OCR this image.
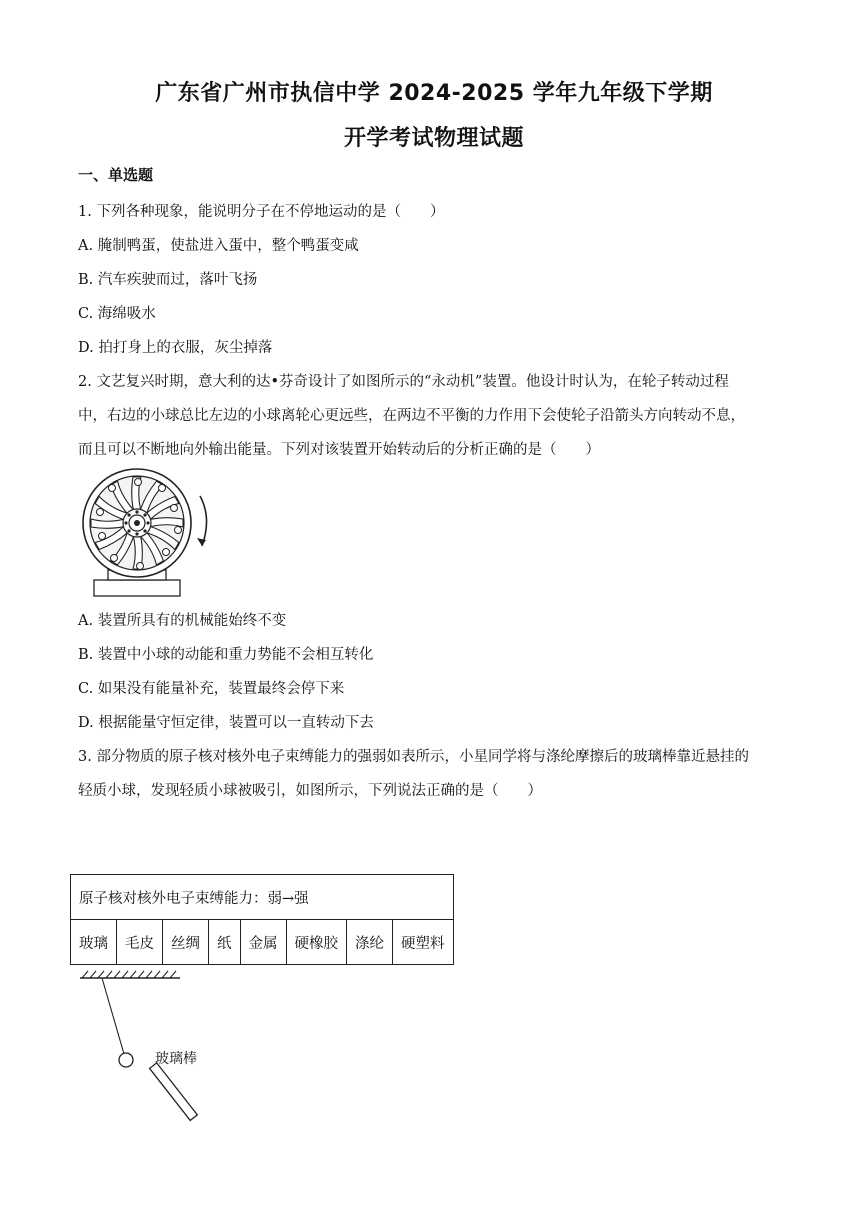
广东省广州市执信中学 2024-2025 学年九年级下学期
开学考试物理试题
一、单选题
1. 下列各种现象，能说明分子在不停地运动的是（　　）
A. 腌制鸭蛋，使盐进入蛋中，整个鸭蛋变咸
B. 汽车疾驶而过，落叶飞扬
C. 海绵吸水
D. 拍打身上的衣服，灰尘掉落
2. 文艺复兴时期，意大利的达•芬奇设计了如图所示的“永动机”装置。他设计时认为，在轮子转动过程
中，右边的小球总比左边的小球离轮心更远些，在两边不平衡的力作用下会使轮子沿箭头方向转动不息，
而且可以不断地向外输出能量。下列对该装置开始转动后的分析正确的是（　　）
A. 装置所具有的机械能始终不变
B. 装置中小球的动能和重力势能不会相互转化
C. 如果没有能量补充，装置最终会停下来
D. 根据能量守恒定律，装置可以一直转动下去
3. 部分物质的原子核对核外电子束缚能力的强弱如表所示，小星同学将与涤纶摩擦后的玻璃棒靠近悬挂的
轻质小球，发现轻质小球被吸引，如图所示，下列说法正确的是（　　）
原子核对核外电子束缚能力：弱→强
玻璃	毛皮	丝绸	纸	金属	硬橡胶	涤纶	硬塑料
玻璃棒
